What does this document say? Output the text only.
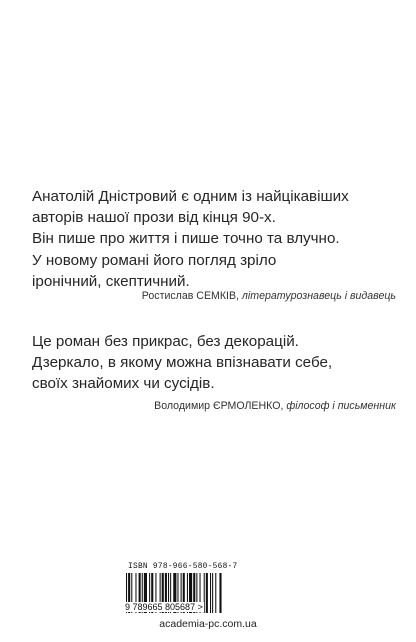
Анатолій Дністровий є одним із найцікавіших

авторів нашої прози від кінця 90-х.

Він пише про життя і пише точно та влучно.

У новому романі його погляд зріло

іронічний, скептичний.

Ростислав СЕМКІВ, літературознавець і видавець

Це роман без прикрас, без декорацій.

Дзеркало, в якому можна впізнавати себе,

своїх знайомих чи сусідів.

Володимир ЄРМОЛЕНКО, філософ і письменник
ISBN 978-966-580-568-7
9 789665 805687 >
academia-pc.com.ua
